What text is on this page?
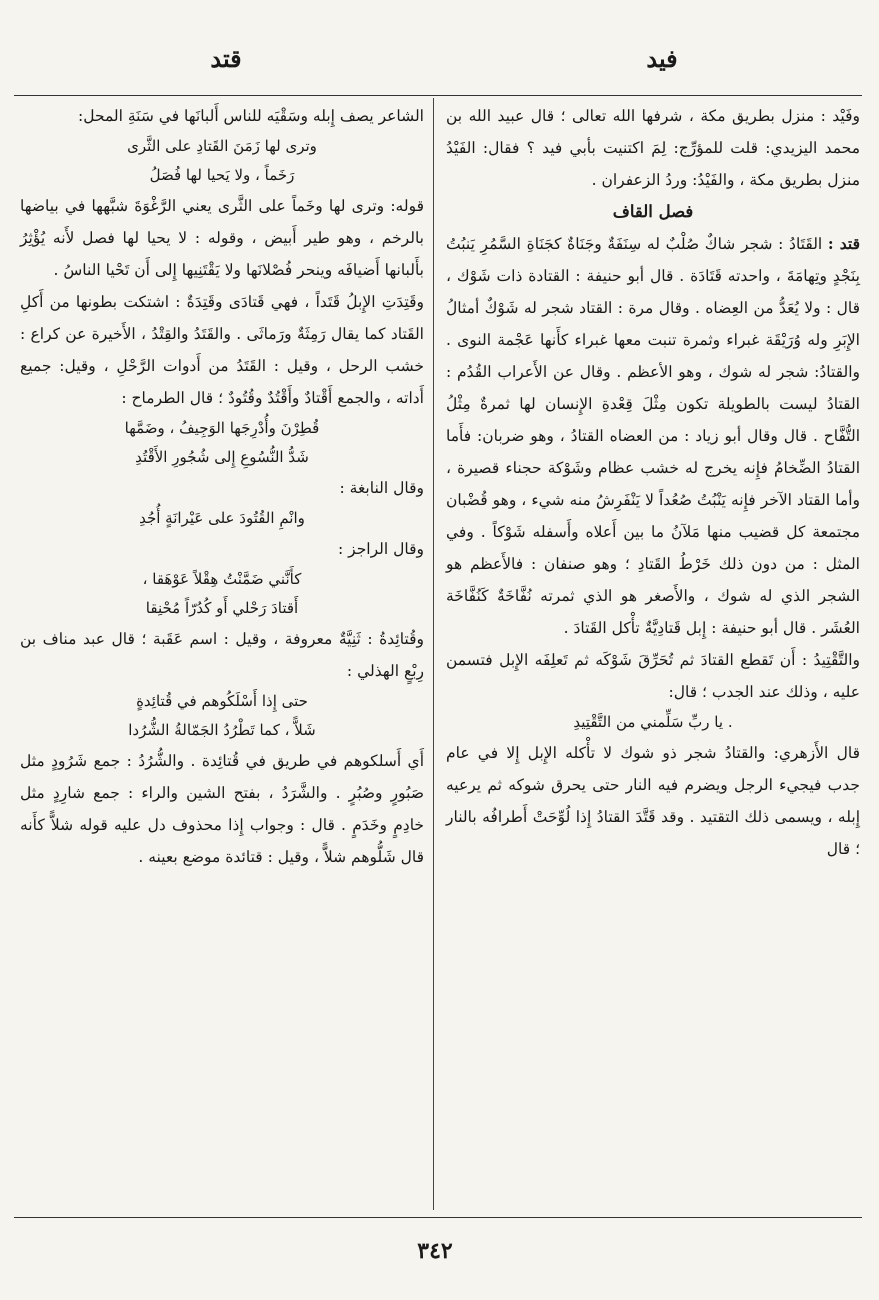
فيد
قتد

وفَيْد : منزل بطريق مكة ، شرفها الله تعالى ؛ قال عبيد الله بن محمد اليزيدي: قلت للمؤرِّج: لِمَ اكتنيت بأبي فيد ؟ فقال: الفَيْدُ منزل بطريق مكة ، والفَيْدُ: وردُ الزعفران .

فصل القاف

قتد : القَتَادُ : شجر شاكٌ صُلْبٌ له سِنَفَةٌ وجَنَاةٌ كجَنَاةِ السَّمُرِ يَنبُتُ بِنَجْدٍ وتِهامَةَ ، واحدته قَتَادَة . قال أبو حنيفة : القتادة ذات شَوْك ، قال : ولا يُعَدُّ من العِضاه . وقال مرة : القتاد شجر له شَوْكٌ أمثالُ الإِبَرِ وله وُرَيْقَة غبراء وثمرة تنبت معها غبراء كأَنها عَجْمة النوى . والقتادُ: شجر له شوك ، وهو الأعظم . وقال عن الأَعراب القُدُم : القتادُ ليست بالطويلة تكون مِثْلَ قِعْدةِ الإِنسان لها ثمرةٌ مِثْلُ التُّفَّاح . قال وقال أبو زياد : من العضاه القتادُ ، وهو ضربان: فأَما القتادُ الضِّخامُ فإِنه يخرج له خشب عظام وشَوْكة حجناء قصيرة ، وأما القتاد الآخر فإِنه يَنْبُتُ صُعُداً لا يَنْفَرِشُ منه شيء ، وهو قُضْبان مجتمعة كل قضيب منها مَلآنُ ما بين أَعلاه وأَسفله شَوْكاً . وفي المثل : من دون ذلك خَرْطُ القَتادِ ؛ وهو صنفان : فالأَعظم هو الشجر الذي له شوك ، والأَصغر هو الذي ثمرته نُفَّاخَةٌ كَنُفَّاخَة العُشَر . قال أبو حنيفة : إِبل قَتادِيَّةٌ تأْكل القَتادَ .

والتَّقْتِيدُ : أَن تَقطع القتادَ ثم تُحَرِّقَ شَوْكَه ثم تَعلِفَه الإِبل فتسمن عليه ، وذلك عند الجدب ؛ قال:

. يا ربِّ سَلِّمني من التَّقْتِيدِ

قال الأَزهري: والقتادُ شجر ذو شوك لا تأْكله الإِبل إِلا في عام جدب فيجيء الرجل ويضرم فيه النار حتى يحرق شوكه ثم يرعيه إِبله ، ويسمى ذلك التقتيد . وقد قَتَّدَ القتادُ إِذا لُوِّحَتْ أَطرافُه بالنار ؛ قال

الشاعر يصف إِبله وسَقْيَه للناس أَلبانَها في سَنَةِ المحل:

وترى لها زَمَنَ القَتادِ على الثَّرى

رَخَماً ، ولا يَحيا لها فُصَلُ

قوله: وترى لها وخَماً على الثَّرى يعني الرَّغْوَةَ شبَّهها في بياضها بالرخم ، وهو طير أَبيض ، وقوله : لا يحيا لها فصل لأَنه يُؤْثِرُ بأَلبانها أَضيافَه وينحر فُصْلانَها ولا يَقْتَنِيها إِلى أَن تَحْيا الناسُ .

وقَتِدَتِ الإِبلُ قَتَداً ، فهي قَتادَى وقَتِدَةٌ : اشتكت بطونها من أَكلِ القَتاد كما يقال رَمِثَةٌ ورَماثَى . والقَتَدُ والقِتْدُ ، الأَخيرة عن كراع : خشب الرحل ، وقيل : القَتَدُ من أَدوات الرَّحْلِ ، وقيل: جميع أَداته ، والجمع أَقْتادٌ وأَقْتُدٌ وقُتُودٌ ؛ قال الطرماح :

قُطِرْنَ وأُدْرِجَها الوَجِيفُ ، وضَمَّها

شَدُّ النُّسُوعِ إِلى شُجُورِ الأَقْتُدِ

وقال النابغة :

وانْمِ القُتُودَ على عَيْرانَةٍ أُجُدِ

وقال الراجز :

كأَنَّني ضَمَّنْتُ هِقْلاً عَوْهَقا ،

أَقتادَ رَحْلي أَو كُدُرّاً مُحْنِقا

وقُتائِدةُ : ثَنِيَّةٌ معروفة ، وقيل : اسم عَقَبة ؛ قال عبد مناف بن رِبْعٍ الهذلي :

حتى إِذا أَسْلَكُوهم في قُتائِدةٍ

شَلاًّ ، كما تَطْرُدُ الجَمّالةُ الشُّرُدا

أَي أَسلكوهم في طريق في قُتائِدة . والشُّرُدُ : جمع شَرُودٍ مثل صَبُورٍ وصُبُرٍ . والشَّرَدُ ، بفتح الشين والراء : جمع شارِدٍ مثل خادِمٍ وخَدَمٍ . قال : وجواب إِذا محذوف دل عليه قوله شلاًّ كأَنه قال شَلُّوهم شلاًّ ، وقيل : قتائدة موضع بعينه .

٣٤٢
